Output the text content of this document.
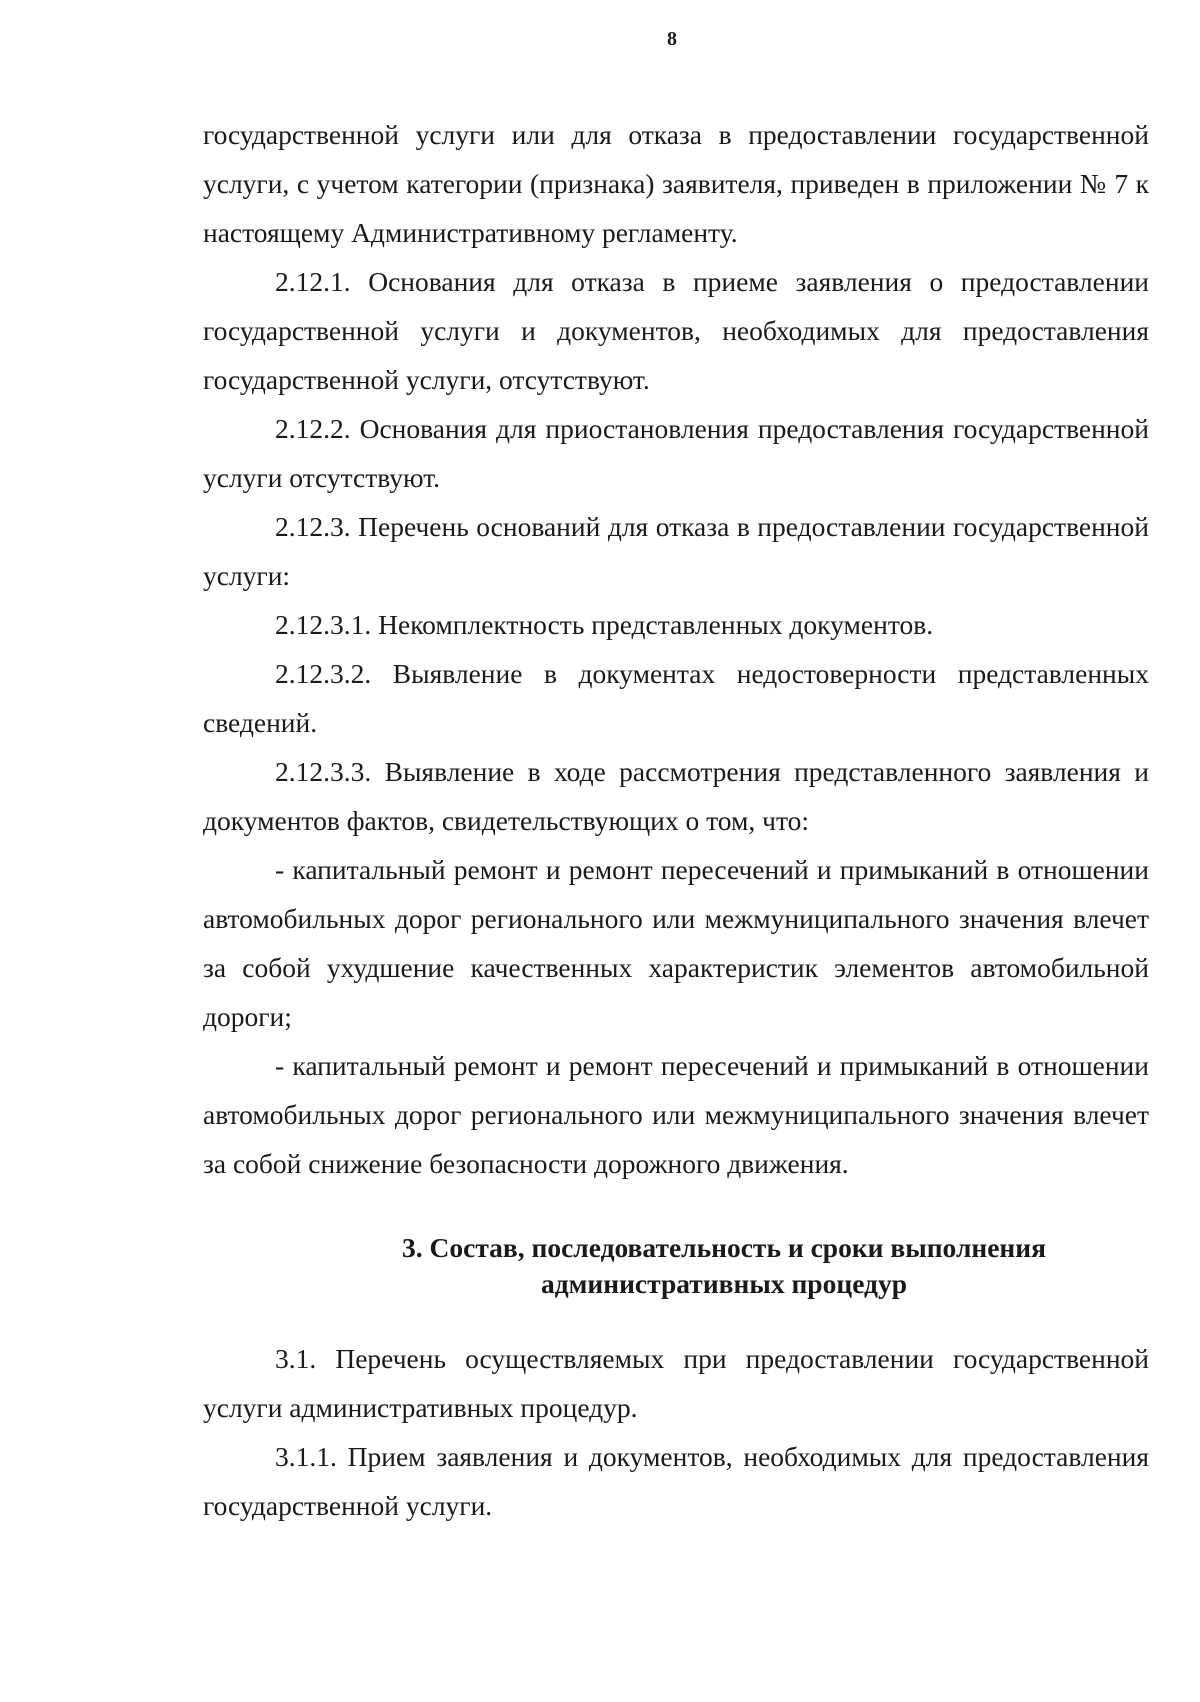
8

государственной услуги или для отказа в предоставлении государственной услуги, с учетом категории (признака) заявителя, приведен в приложении № 7 к настоящему Административному регламенту.

2.12.1. Основания для отказа в приеме заявления о предоставлении государственной услуги и документов, необходимых для предоставления государственной услуги, отсутствуют.

2.12.2. Основания для приостановления предоставления государственной услуги отсутствуют.

2.12.3. Перечень оснований для отказа в предоставлении государственной услуги:

2.12.3.1. Некомплектность представленных документов.

2.12.3.2. Выявление в документах недостоверности представленных сведений.

2.12.3.3. Выявление в ходе рассмотрения представленного заявления и документов фактов, свидетельствующих о том, что:

- капитальный ремонт и ремонт пересечений и примыканий в отношении автомобильных дорог регионального или межмуниципального значения влечет за собой ухудшение качественных характеристик элементов автомобильной дороги;

- капитальный ремонт и ремонт пересечений и примыканий в отношении автомобильных дорог регионального или межмуниципального значения влечет за собой снижение безопасности дорожного движения.

3. Состав, последовательность и сроки выполнения
административных процедур

3.1. Перечень осуществляемых при предоставлении государственной услуги административных процедур.

3.1.1. Прием заявления и документов, необходимых для предоставления государственной услуги.
